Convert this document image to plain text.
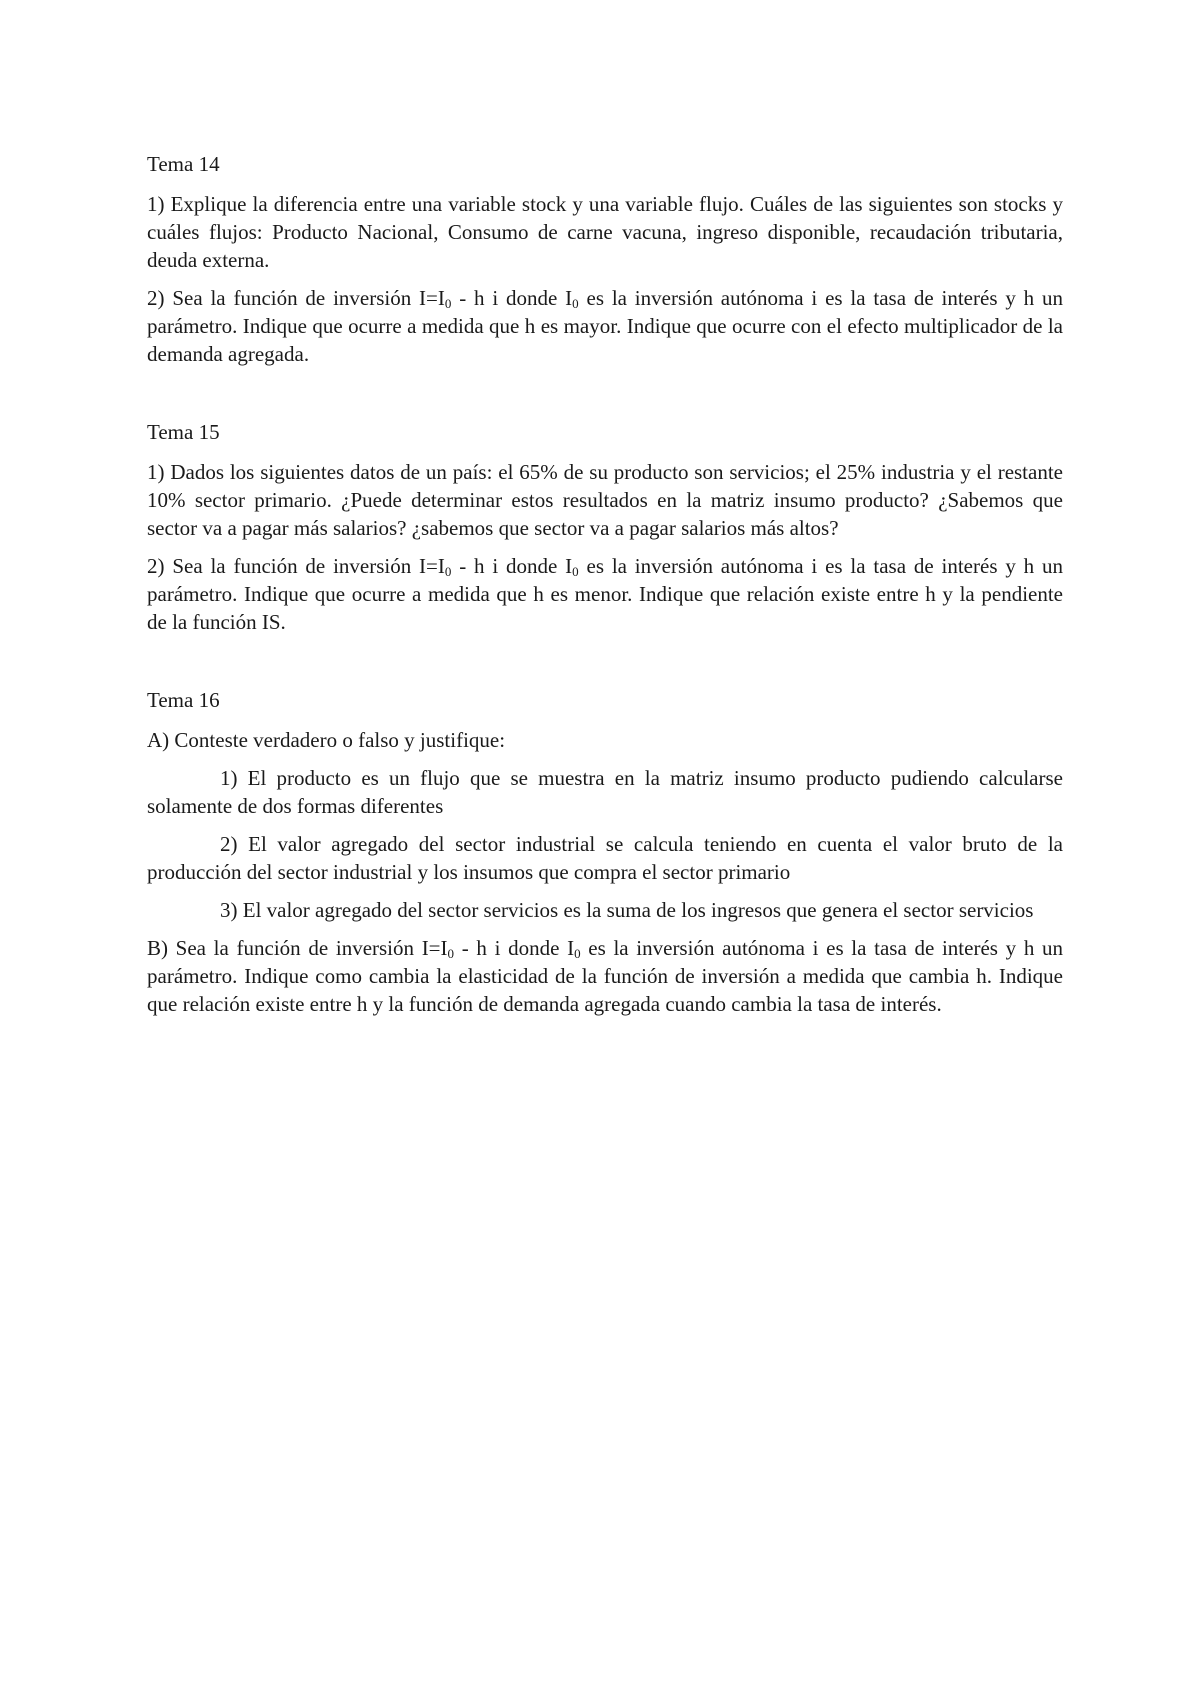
Tema 14

1) Explique la diferencia entre una variable stock y una variable flujo. Cuáles de las siguientes son stocks y cuáles flujos: Producto Nacional, Consumo de carne vacuna, ingreso disponible, recaudación tributaria, deuda externa.

2) Sea la función de inversión $I=I_0 - h$ i donde $I_0$ es la inversión autónoma i es la tasa de interés y h un parámetro. Indique que ocurre a medida que h es mayor. Indique que ocurre con el efecto multiplicador de la demanda agregada.

Tema 15

1) Dados los siguientes datos de un país: el 65% de su producto son servicios; el 25% industria y el restante 10% sector primario. ¿Puede determinar estos resultados en la matriz insumo producto? ¿Sabemos que sector va a pagar más salarios? ¿sabemos que sector va a pagar salarios más altos?

2) Sea la función de inversión $I=I_0 - h$ i donde $I_0$ es la inversión autónoma i es la tasa de interés y h un parámetro. Indique que ocurre a medida que h es menor. Indique que relación existe entre h y la pendiente de la función IS.

Tema 16

A) Conteste verdadero o falso y justifique:

1) El producto es un flujo que se muestra en la matriz insumo producto pudiendo calcularse solamente de dos formas diferentes

2) El valor agregado del sector industrial se calcula teniendo en cuenta el valor bruto de la producción del sector industrial y los insumos que compra el sector primario

3) El valor agregado del sector servicios es la suma de los ingresos que genera el sector servicios

B) Sea la función de inversión $I=I_0 - h$ i donde $I_0$ es la inversión autónoma i es la tasa de interés y h un parámetro. Indique como cambia la elasticidad de la función de inversión a medida que cambia h. Indique que relación existe entre h y la función de demanda agregada cuando cambia la tasa de interés.
